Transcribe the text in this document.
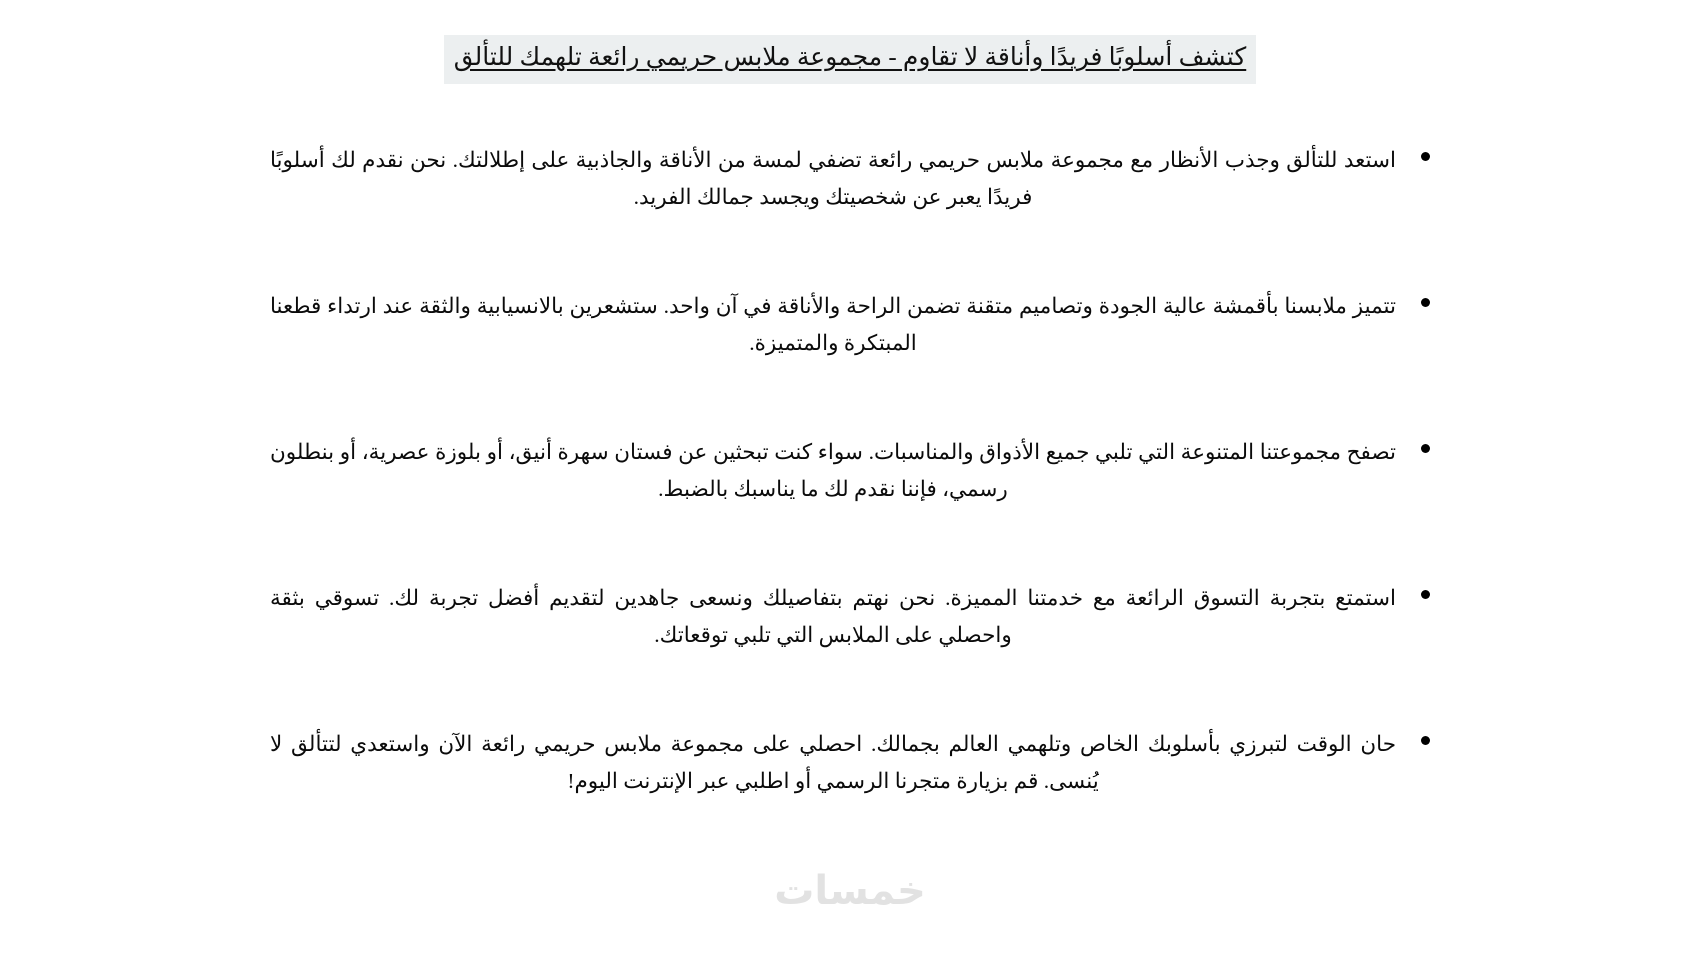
كتشف أسلوبًا فريدًا وأناقة لا تقاوم - مجموعة ملابس حريمي رائعة تلهمك للتألق
استعد للتألق وجذب الأنظار مع مجموعة ملابس حريمي رائعة تضفي لمسة من الأناقة والجاذبية على إطلالتك. نحن نقدم لك أسلوبًا فريدًا يعبر عن شخصيتك ويجسد جمالك الفريد.
تتميز ملابسنا بأقمشة عالية الجودة وتصاميم متقنة تضمن الراحة والأناقة في آن واحد. ستشعرين بالانسيابية والثقة عند ارتداء قطعنا المبتكرة والمتميزة.
تصفح مجموعتنا المتنوعة التي تلبي جميع الأذواق والمناسبات. سواء كنت تبحثين عن فستان سهرة أنيق، أو بلوزة عصرية، أو بنطلون رسمي، فإننا نقدم لك ما يناسبك بالضبط.
استمتع بتجربة التسوق الرائعة مع خدمتنا المميزة. نحن نهتم بتفاصيلك ونسعى جاهدين لتقديم أفضل تجربة لك. تسوقي بثقة واحصلي على الملابس التي تلبي توقعاتك.
حان الوقت لتبرزي بأسلوبك الخاص وتلهمي العالم بجمالك. احصلي على مجموعة ملابس حريمي رائعة الآن واستعدي لتتألق لا يُنسى. قم بزيارة متجرنا الرسمي أو اطلبي عبر الإنترنت اليوم!
خمسات
